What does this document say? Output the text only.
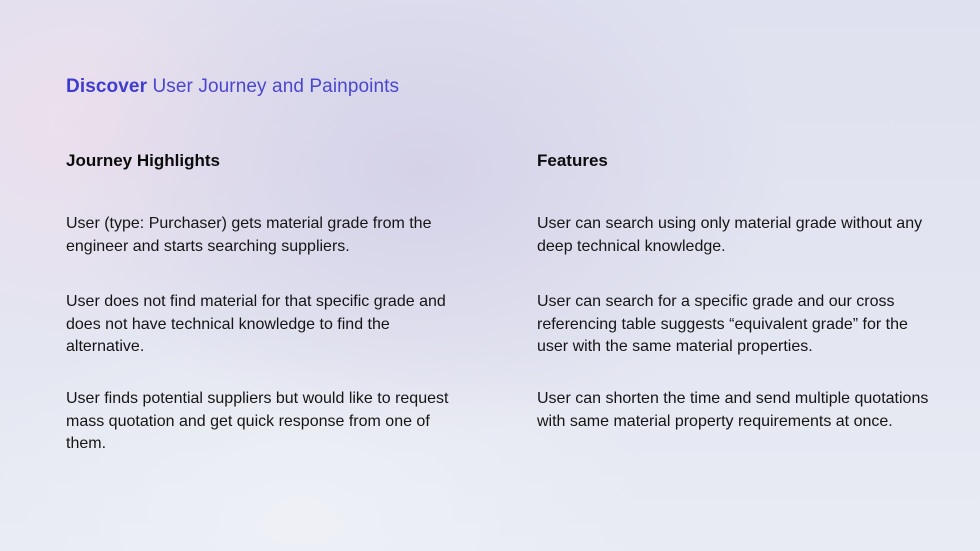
Discover User Journey and Painpoints
Journey Highlights

User (type: Purchaser) gets material grade from the engineer and starts searching suppliers.

User does not find material for that specific grade and does not have technical knowledge to find the alternative.

User finds potential suppliers but would like to request mass quotation and get quick response from one of them.

Features

User can search using only material grade without any deep technical knowledge.

User can search for a specific grade and our cross referencing table suggests “equivalent grade” for the user with the same material properties.

User can shorten the time and send multiple quotations with same material property requirements at once.
